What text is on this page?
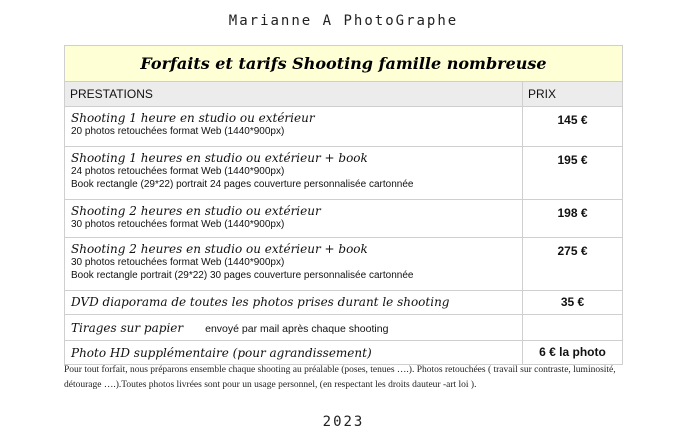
Marianne A PhotoGraphe
Forfaits et tarifs Shooting famille nombreuse	
PRESTATIONS	PRIX

Shooting 1 heure en studio ou extérieur
20 photos retouchées format Web (1440*900px)	145 €

Shooting 1 heures en studio ou extérieur + book
24 photos retouchées format Web (1440*900px)
Book rectangle (29*22) portrait 24 pages couverture personnalisée cartonnée	195 €

Shooting 2 heures en studio ou extérieur
30 photos retouchées format Web (1440*900px)	198 €

Shooting 2 heures en studio ou extérieur + book
30 photos retouchées format Web (1440*900px)
Book rectangle portrait (29*22) 30 pages couverture personnalisée cartonnée	275 €

DVD diaporama de toutes les photos prises durant le shooting	35 €
Tirages sur papier envoyé par mail après chaque shooting	

Photo HD supplémentaire (pour agrandissement)	6 € la photo
Pour tout forfait, nous préparons ensemble chaque shooting au préalable (poses, tenues ….). Photos retouchées ( travail sur contraste, luminosité, détourage ….).Toutes photos livrées sont pour un usage personnel, (en respectant les droits dauteur -art loi ).
2023
